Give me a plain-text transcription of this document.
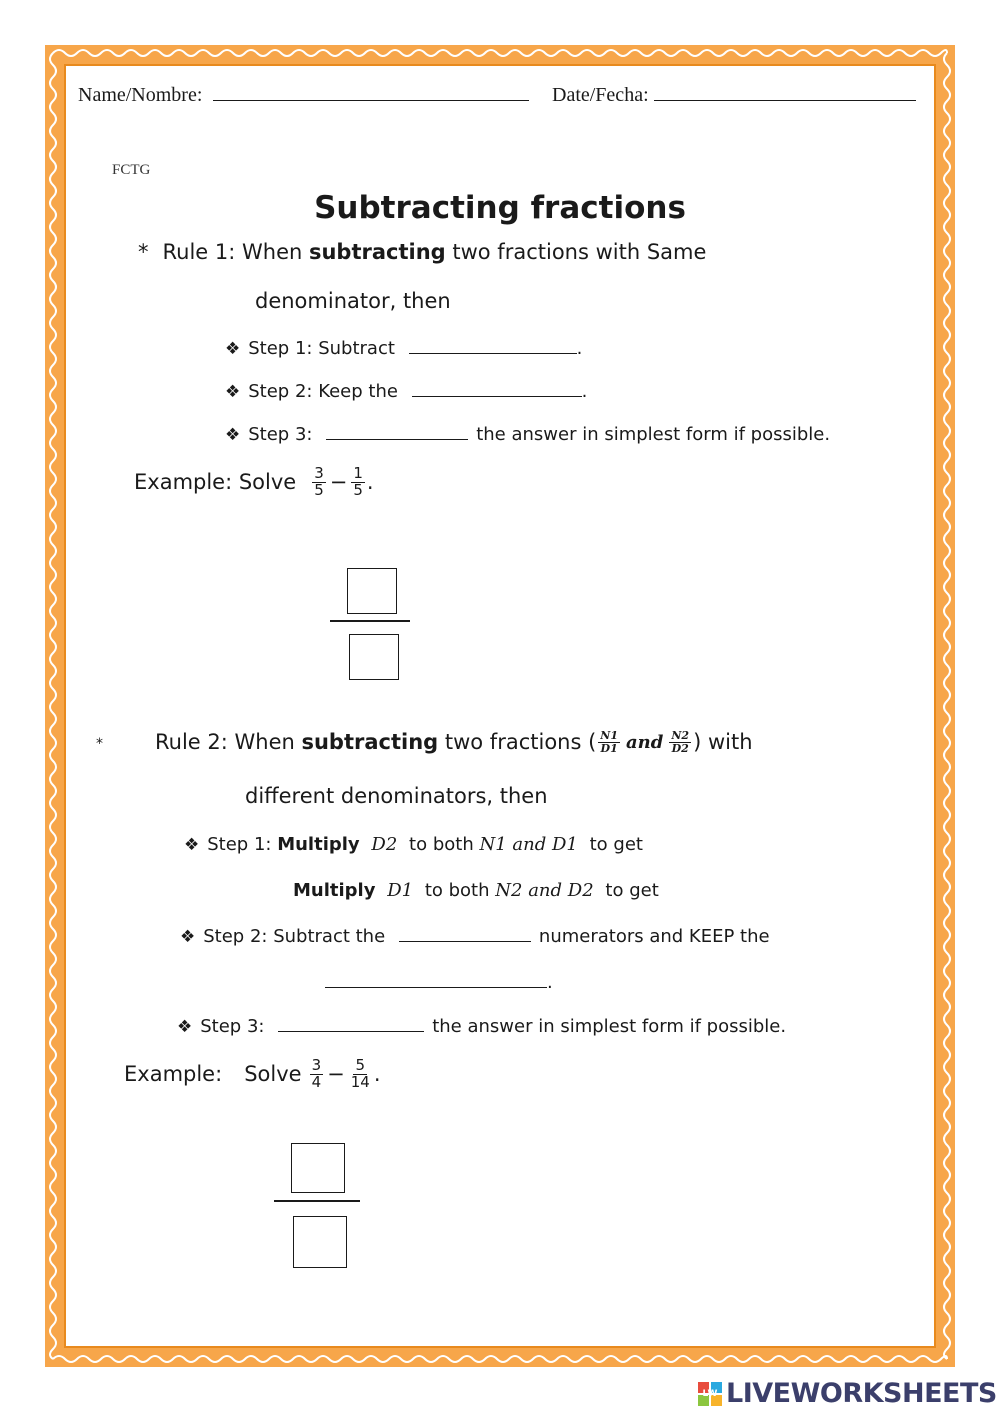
Name/Nombre:	Date/Fecha:
FCTG
Subtracting fractions
* Rule 1: When subtracting two fractions with Same
denominator, then
❖ Step 1: Subtract	.
❖ Step 2: Keep the	.
❖ Step 3:	the answer in simplest form if possible.
Example: Solve $\frac{3}{5} - \frac{1}{5}$ .
* Rule 2: When subtracting two fractions ( $\frac{N1}{D1}$ and $\frac{N2}{D2}$ ) with
different denominators, then
❖ Step 1: Multiply D2 to both N1 and D1 to get
Multiply D1 to both N2 and D2 to get
❖ Step 2: Subtract the	numerators and KEEP the
.
❖ Step 3:	the answer in simplest form if possible.
Example: Solve $\frac{3}{4} - \frac{5}{14}$ .
LW LIVEWORKSHEETS
